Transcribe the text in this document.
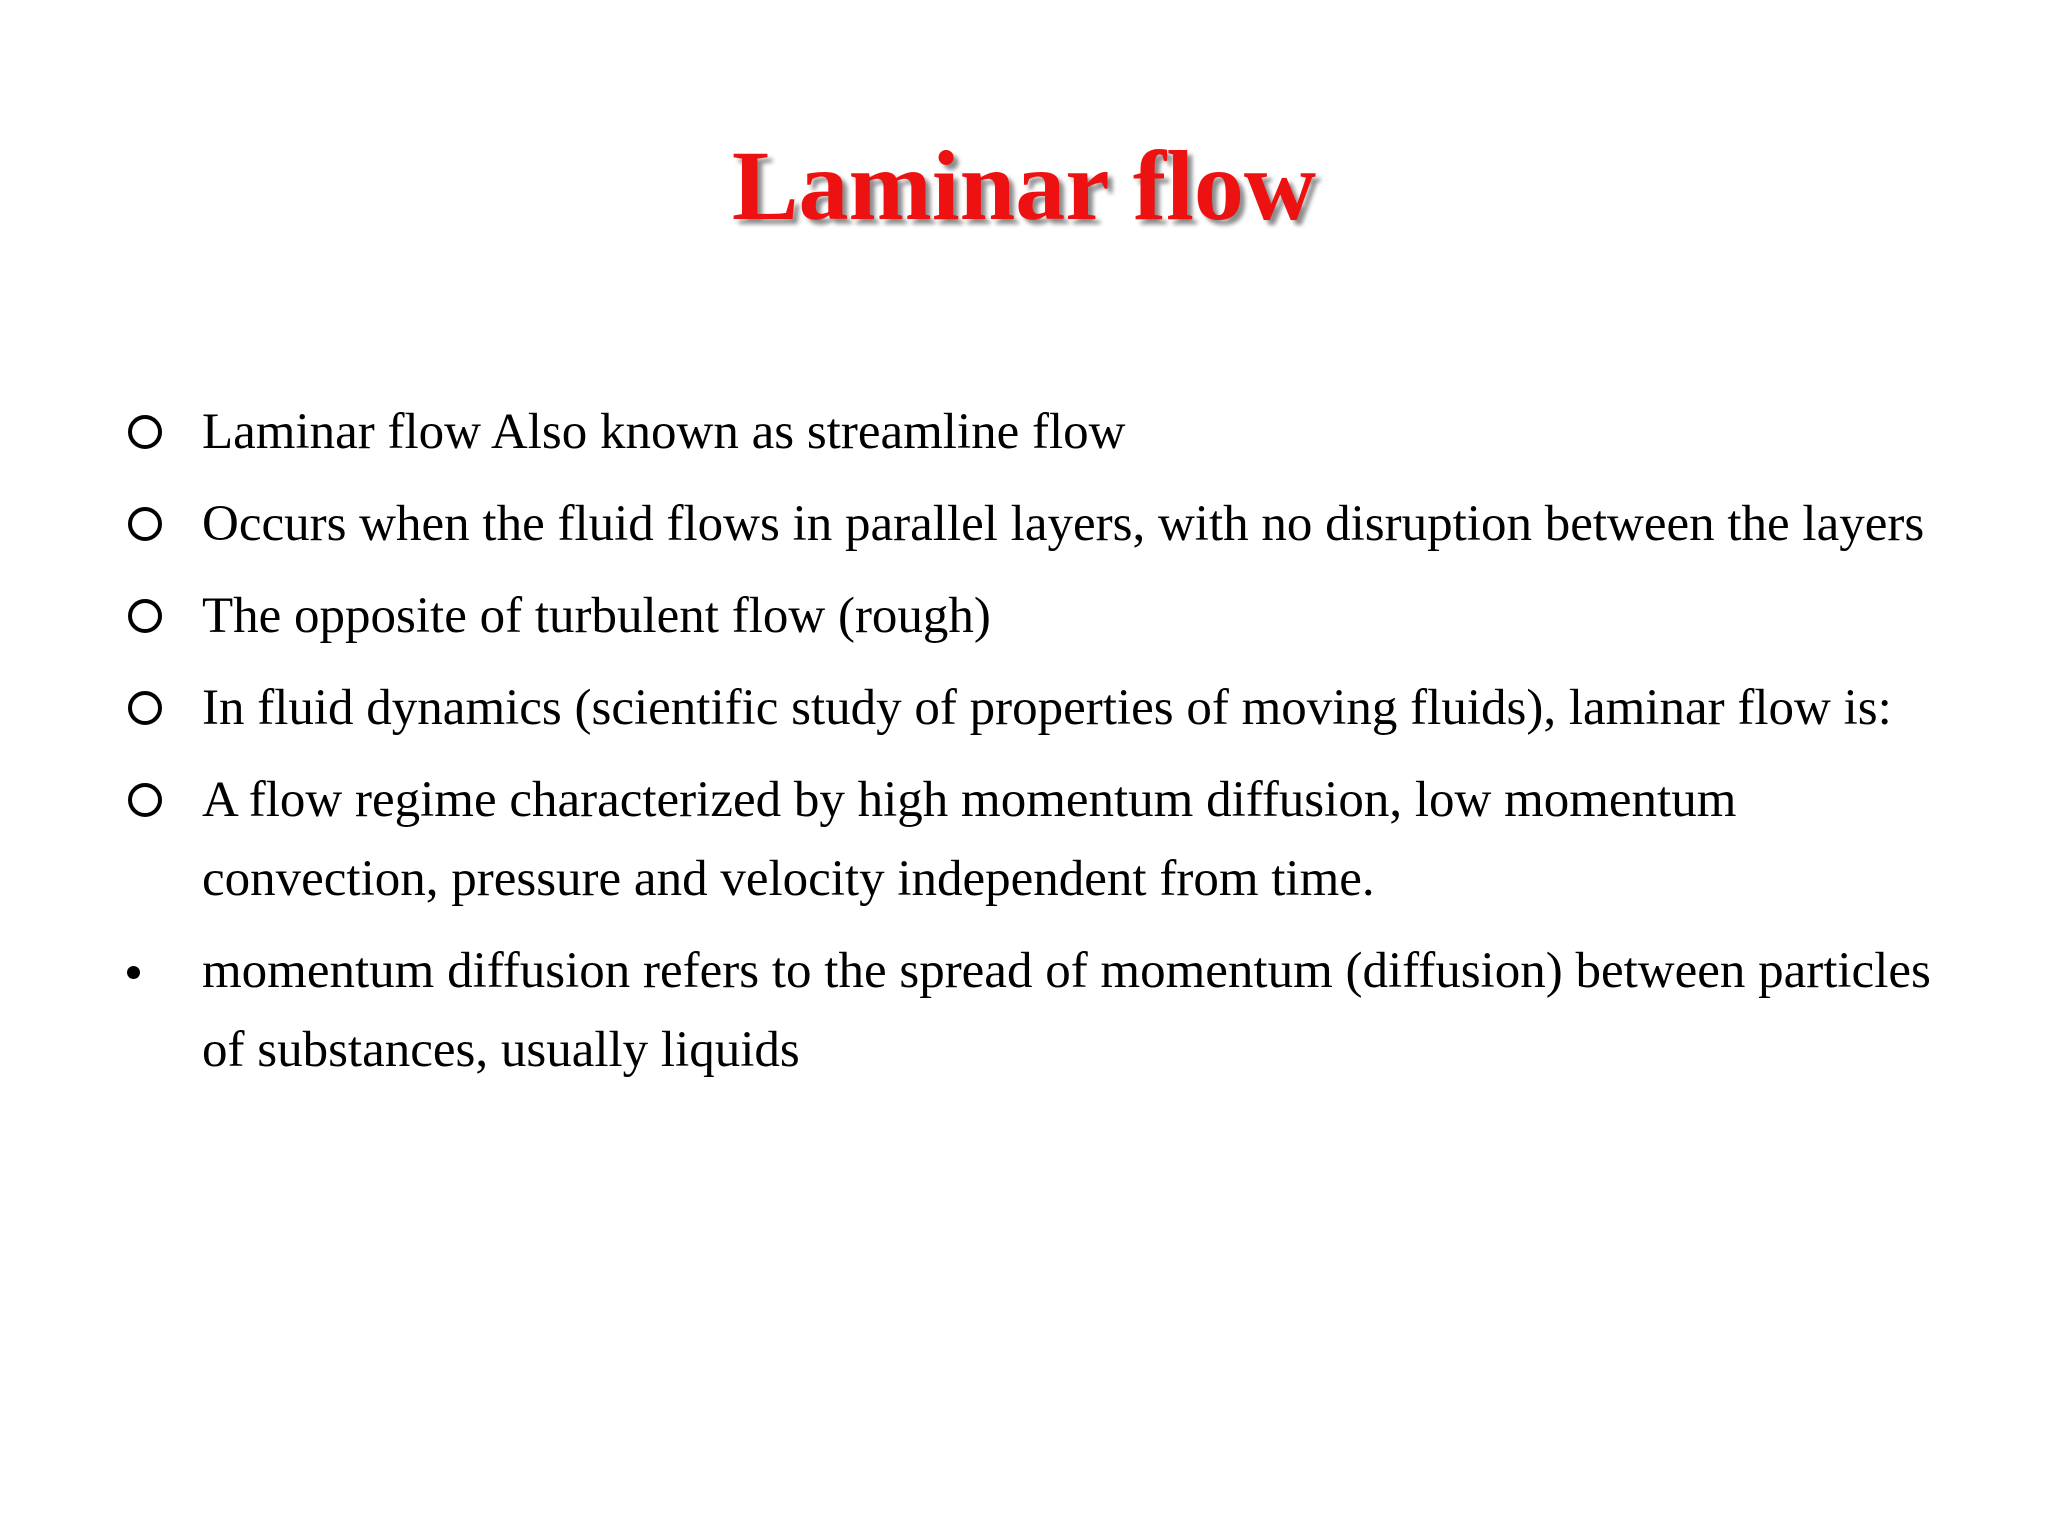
Laminar flow
Laminar flow Also known as streamline flow
Occurs when the fluid flows in parallel layers, with no disruption between the layers
The opposite of turbulent flow (rough)
In fluid dynamics (scientific study of properties of moving fluids), laminar flow is:
A flow regime characterized by high momentum diffusion, low momentum convection, pressure and velocity independent from time.
momentum diffusion refers to the spread of momentum (diffusion) between particles of substances, usually liquids
